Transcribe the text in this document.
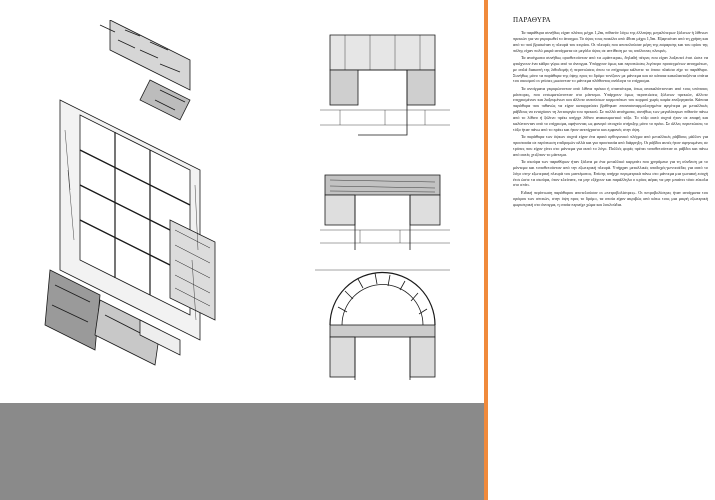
ΠΑΡΑΘΥΡΑ

Τα παράθυρα συνήθως είχαν πλάτος μέχρι 1,2m, πιθανόν λόγω της έλλειψης μεγαλύτερων ξύλινων ή λίθινων πρεκιών για να γεφυρωθεί το άνοιγμα. Το ύψος τους ποικίλει από 40cm μέχρι 1,5m. Εξαρτιόταν από τη χρήση και από το πού βρισκόταν η πλευρά του κτιρίου. Οι πλευρές που αποτελούσαν μέρη της εσφαρσης και του ορίου της πόλης είχαν πολύ μικρά ανοίγματα σε μεγάλο ύψος σε αντίθεση με τις υπόλοιπες πλευρές.

Τα ανοίγματα συνήθως οριοθετούνταν από τα «φάντιερα», δηλαδή πέτρες που είχαν λαξευτεί έτσι ώστε να φτιάχνουν ένα κάδρο γύρω από το άνοιγμα. Υπάρχουν όμως και περιπτώσεις λιγότερο προσεγμένων ανοιγμάτων, με απλά διακοπή της λιθοδομής ή περιπτώσεις όπου το επίχρισμα κάλυπτε το όποιο πλαίσιο είχε το παράθυρο. Συνήθως μόνο τα παράθυρα της όψης προς το δρόμο τονίζουν με μάντεμα και σε κάποια κακολασταζόντα σπίτια του οικισμού οι γείσιες μωσονταν το μάντεμα πλάθοντας ανάλογα το επίχρισμα.

Τα ανοίγματα γεφυρώνονταν από λίθινα πρέκια ή σπανιότερα, όπως αποκαλύπτονταν από τους υπόποιος μάστορες, που ενσωματώνονταν στο μάντεμα. Υπάρχουν όμως περιπτώσεις ξύλινων πρεκιών, άλλοτε επιχρισμένων και λαξευμένων και άλλοτε αυτούσιων κορμοτάτων του κορμού χωρίς καμία επεξεργασία. Κάποια παράθυρα που πιθανώς να είχαν καταρρεύσει βρέθηκαν επανασυναρμολογημένα αργότερα με μεταλλικές ράβδους να ενισχύουν τη λειτουργία του πρεκιού. Σε πολλά ανοίγματα, συνήθως των μεγαλύτερων πιθανόν πάνω από το λίθινο ή ξύλινο πρέκι υπήρχε λίθινο ανακουφιστικό τόξο. Το τόξο αυτό συχνά ήταν σε επαφή και καλύπτονταν από το επίχρισμα, αφήνοντας ως φανερό στοιχείο στήριξης μόνο το πρέκι. Σε άλλες περιπτώσεις το τόξο ήταν πάνω από το πρέκι και ήταν ανεπίχριστο και εμφανές στην όψη.

Τα παράθυρα των όψεων συχνά είχαν ένα αραιό ορθογωνικό πλέγμα από μεταλλικές ράβδους μάλλον για προστασία σε περίπτωση επιδρομών αλλά και για προστασία από διάρρηξη. Οι ράβδοι αυτές ήταν σφηνωμένες σε τρύπες που είχαν γίνει στο μάντεμα για αυτό το λόγο. Πολλές φορές πρέπει τοποθετούνταν οι ράβδοι και πάνω από αυτές χτιζόταν το μάντεμα.

Τα σκούρα των παραθύρων ήταν ξύλινα με ένα μεταλλικό καρμπίτι που χρησίμευε για τη σύνδεση με το μάντεμα και τοποθετούνταν από την εξωτερική πλευρά. Υπήρχαν μεταλλικές υποδοχές-μεντεσέδες για αυτό το λόγο στην εξωτερική πλευρά του μαντέματος. Επίσης υπήρχε περιμετρικά πάνω στο μάντεμα μια γωνιακή εσοχή έτσι ώστε τα σκούρα, όταν κλείνανε, να μην εξέχουν και παράλληλα ο κρύος αέρας να μην μπαίνει τόσο εύκολα στο σπίτι.

Ειδική περίπτωση παράθυρου αποτελούσαν οι «πετροβολίστρες». Οι πετροβολίστρες ήταν ανοίγματα του ορόφου των σπιτιών, στην όψη προς το δρόμο, τα οποία είχαν ακριβώς από κάτω τους μια μικρή εξωτερική φωριστρική στο άνοιγμα, η οποία περιείχε χώμα και λουλούδια.
